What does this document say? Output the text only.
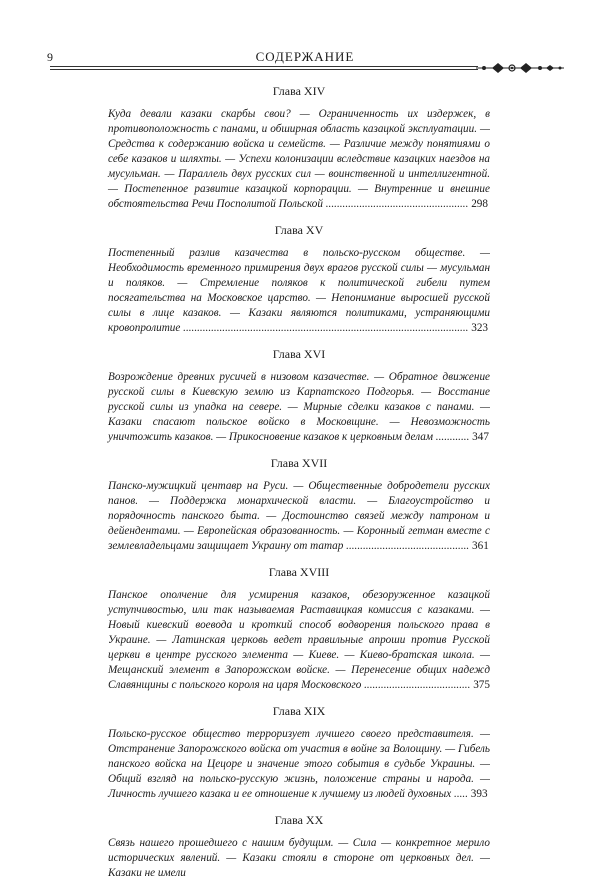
9	СОДЕРЖАНИЕ
Глава XIV

Куда девали казаки скарбы свои? — Ограниченность их издержек, в противоположность с панами, и обширная область казацкой эксплуатации. — Средства к содержанию войска и семейств. — Различие между понятиями о себе казаков и шляхты. — Успехи колонизации вследствие казацких наездов на мусульман. — Параллель двух русских сил — воинственной и интеллигентной. — Постепенное развитие казацкой корпорации. — Внутренние и внешние обстоятельства Речи Посполитой Польской ................................................... 298

Глава XV

Постепенный разлив казачества в польско-русском обществе. — Необходимость временного примирения двух врагов русской силы — мусульман и поляков. — Стремление поляков к политической гибели путем посягательства на Московское царство. — Непонимание выросшей русской силы в лице казаков. — Казаки являются политиками, устраняющими кровопролитие ...................................................................................................... 323

Глава XVI

Возрождение древних русичей в низовом казачестве. — Обратное движение русской силы в Киевскую землю из Карпатского Подгорья. — Восстание русской силы из упадка на севере. — Мирные сделки казаков с панами. — Казаки спасают польское войско в Московщине. — Невозможность уничтожить казаков. — Прикосновение казаков к церковным делам ............ 347

Глава XVII

Панско-мужицкий центавр на Руси. — Общественные добродетели русских панов. — Поддержка монархической власти. — Благоустройство и порядочность панского быта. — Достоинство связей между патроном и дейендентами. — Европейская образованность. — Коронный гетман вместе с землевладельцами защищает Украину от татар ............................................ 361

Глава XVIII

Панское ополчение для усмирения казаков, обезоруженное казацкой уступчивостью, или так называемая Раставицкая комиссия с казаками. — Новый киевский воевода и кроткий способ водворения польского права в Украине. — Латинская церковь ведет правильные апроши против Русской церкви в центре русского элемента — Киеве. — Киево-братская школа. — Мещанский элемент в Запорожском войске. — Перенесение общих надежд Славянщины с польского короля на царя Московского ...................................... 375

Глава XIX

Польско-русское общество терроризует лучшего своего представителя. — Отстранение Запорожского войска от участия в войне за Волощину. — Гибель панского войска на Цецоре и значение этого события в судьбе Украины. — Общий взгляд на польско-русскую жизнь, положение страны и народа. — Личность лучшего казака и ее отношение к лучшему из людей духовных ..... 393

Глава XX

Связь нашего прошедшего с нашим будущим. — Сила — конкретное мерило исторических явлений. — Казаки стояли в стороне от церковных дел. — Казаки не имели
